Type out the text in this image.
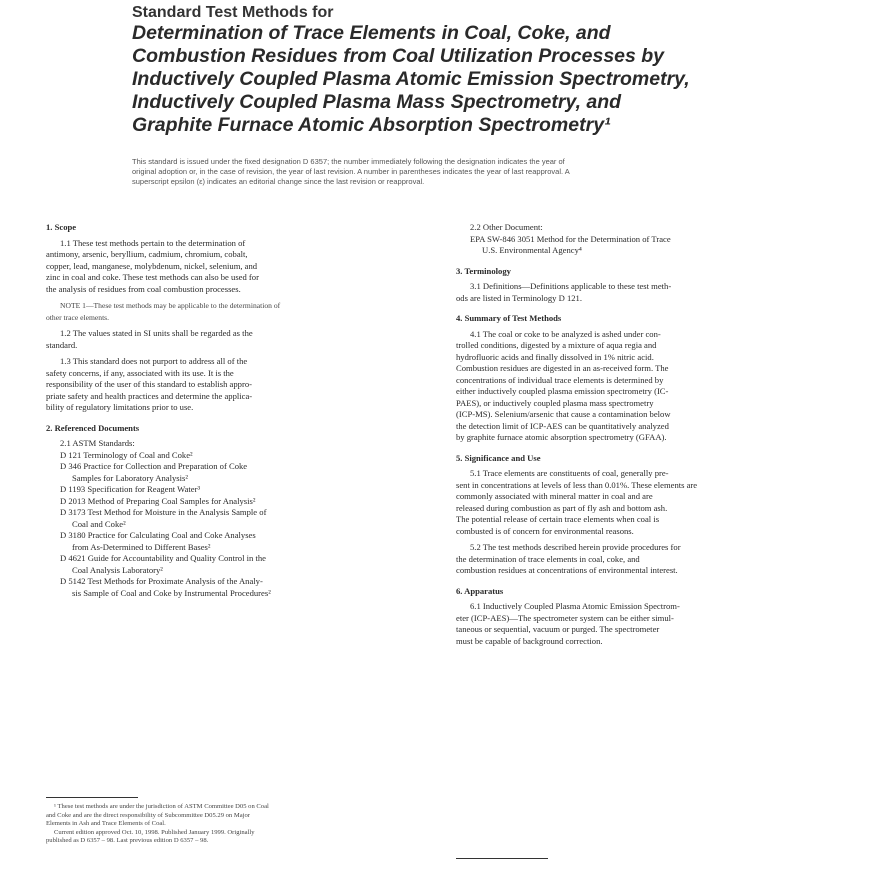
Standard Test Methods for
Determination of Trace Elements in Coal, Coke, and
Combustion Residues from Coal Utilization Processes by
Inductively Coupled Plasma Atomic Emission Spectrometry,
Inductively Coupled Plasma Mass Spectrometry, and
Graphite Furnace Atomic Absorption Spectrometry¹
This standard is issued under the fixed designation D 6357; the number immediately following the designation indicates the year of
original adoption or, in the case of revision, the year of last revision. A number in parentheses indicates the year of last reapproval. A
superscript epsilon (ε) indicates an editorial change since the last revision or reapproval.
1. Scope
1.1 These test methods pertain to the determination of
antimony, arsenic, beryllium, cadmium, chromium, cobalt,
copper, lead, manganese, molybdenum, nickel, selenium, and
zinc in coal and coke. These test methods can also be used for
the analysis of residues from coal combustion processes.
NOTE 1—These test methods may be applicable to the determination of
other trace elements.
1.2 The values stated in SI units shall be regarded as the
standard.
1.3 This standard does not purport to address all of the
safety concerns, if any, associated with its use. It is the
responsibility of the user of this standard to establish appro-
priate safety and health practices and determine the applica-
bility of regulatory limitations prior to use.
2. Referenced Documents
2.1 ASTM Standards:
D 121 Terminology of Coal and Coke²
D 346 Practice for Collection and Preparation of Coke
Samples for Laboratory Analysis²
D 1193 Specification for Reagent Water³
D 2013 Method of Preparing Coal Samples for Analysis²
D 3173 Test Method for Moisture in the Analysis Sample of
Coal and Coke²
D 3180 Practice for Calculating Coal and Coke Analyses
from As-Determined to Different Bases²
D 4621 Guide for Accountability and Quality Control in the
Coal Analysis Laboratory²
D 5142 Test Methods for Proximate Analysis of the Analy-
sis Sample of Coal and Coke by Instrumental Procedures²
2.2 Other Document:
EPA SW-846 3051 Method for the Determination of Trace
U.S. Environmental Agency⁴
3. Terminology
3.1 Definitions—Definitions applicable to these test meth-
ods are listed in Terminology D 121.
4. Summary of Test Methods
4.1 The coal or coke to be analyzed is ashed under con-
trolled conditions, digested by a mixture of aqua regia and
hydrofluoric acids and finally dissolved in 1% nitric acid.
Combustion residues are digested in an as-received form. The
concentrations of individual trace elements is determined by
either inductively coupled plasma emission spectrometry (IC-
PAES), or inductively coupled plasma mass spectrometry
(ICP-MS). Selenium/arsenic that cause a contamination below
the detection limit of ICP-AES can be quantitatively analyzed
by graphite furnace atomic absorption spectrometry (GFAA).
5. Significance and Use
5.1 Trace elements are constituents of coal, generally pre-
sent in concentrations at levels of less than 0.01%. These elements are
commonly associated with mineral matter in coal and are
released during combustion as part of fly ash and bottom ash.
The potential release of certain trace elements when coal is
combusted is of concern for environmental reasons.
5.2 The test methods described herein provide procedures for
the determination of trace elements in coal, coke, and
combustion residues at concentrations of environmental interest.
6. Apparatus
6.1 Inductively Coupled Plasma Atomic Emission Spectrom-
eter (ICP-AES)—The spectrometer system can be either simul-
taneous or sequential, vacuum or purged. The spectrometer
must be capable of background correction.
¹ These test methods are under the jurisdiction of ASTM Committee D05 on Coal
and Coke and are the direct responsibility of Subcommittee D05.29 on Major
Elements in Ash and Trace Elements of Coal.
Current edition approved Oct. 10, 1998. Published January 1999. Originally
published as D 6357 – 98. Last previous edition D 6357 – 98.
